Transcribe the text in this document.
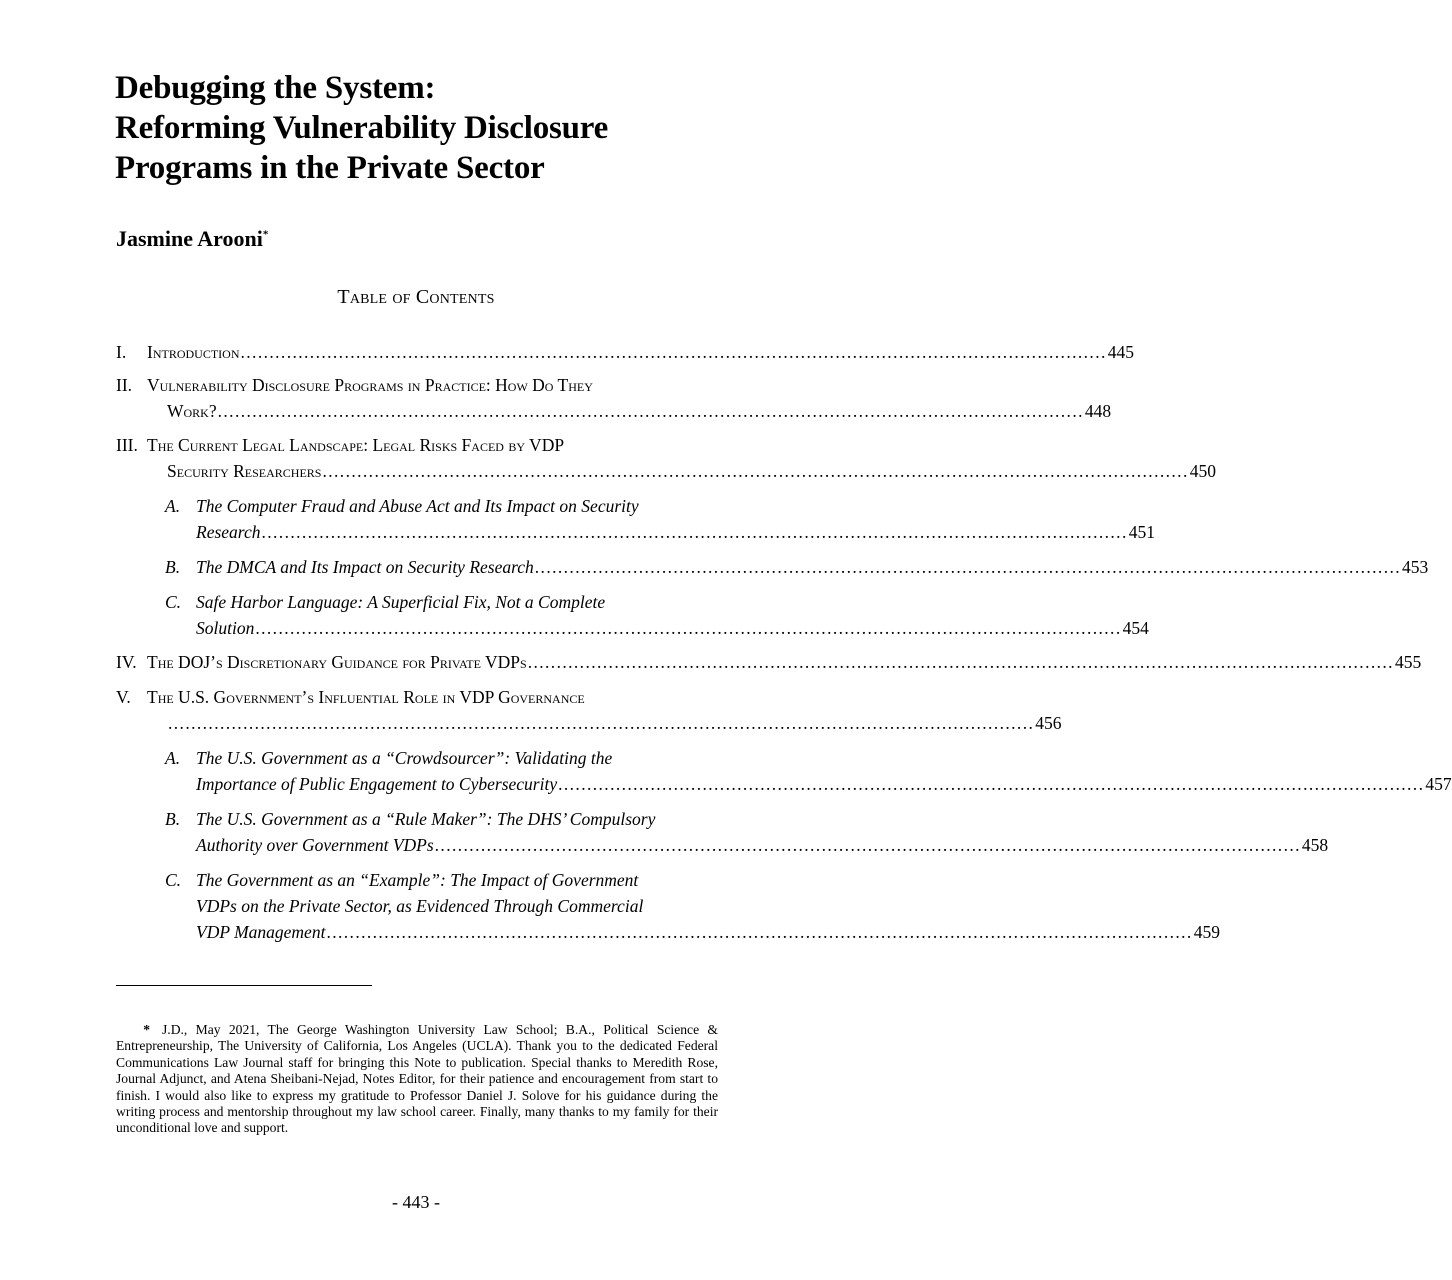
Debugging the System:
Reforming Vulnerability Disclosure
Programs in the Private Sector
Jasmine Arooni*
Table of Contents
I. Introduction ...................................................................................................................................................... 445
II. Vulnerability Disclosure Programs in Practice: How Do They
Work? ...................................................................................................................................................... 448
III. The Current Legal Landscape: Legal Risks Faced by VDP
Security Researchers ...................................................................................................................................................... 450
A. The Computer Fraud and Abuse Act and Its Impact on Security
Research ...................................................................................................................................................... 451
B. The DMCA and Its Impact on Security Research ...................................................................................................................................................... 453
C. Safe Harbor Language: A Superficial Fix, Not a Complete
Solution ...................................................................................................................................................... 454
IV. The DOJ’s Discretionary Guidance for Private VDPs ...................................................................................................................................................... 455
V. The U.S. Government’s Influential Role in VDP Governance
...................................................................................................................................................... 456
A. The U.S. Government as a “Crowdsourcer”: Validating the
Importance of Public Engagement to Cybersecurity ...................................................................................................................................................... 457
B. The U.S. Government as a “Rule Maker”: The DHS’ Compulsory
Authority over Government VDPs ...................................................................................................................................................... 458
C. The Government as an “Example”: The Impact of Government
VDPs on the Private Sector, as Evidenced Through Commercial
VDP Management ...................................................................................................................................................... 459
* J.D., May 2021, The George Washington University Law School; B.A., Political Science & Entrepreneurship, The University of California, Los Angeles (UCLA). Thank you to the dedicated Federal Communications Law Journal staff for bringing this Note to publication. Special thanks to Meredith Rose, Journal Adjunct, and Atena Sheibani-Nejad, Notes Editor, for their patience and encouragement from start to finish. I would also like to express my gratitude to Professor Daniel J. Solove for his guidance during the writing process and mentorship throughout my law school career. Finally, many thanks to my family for their unconditional love and support.
- 443 -
